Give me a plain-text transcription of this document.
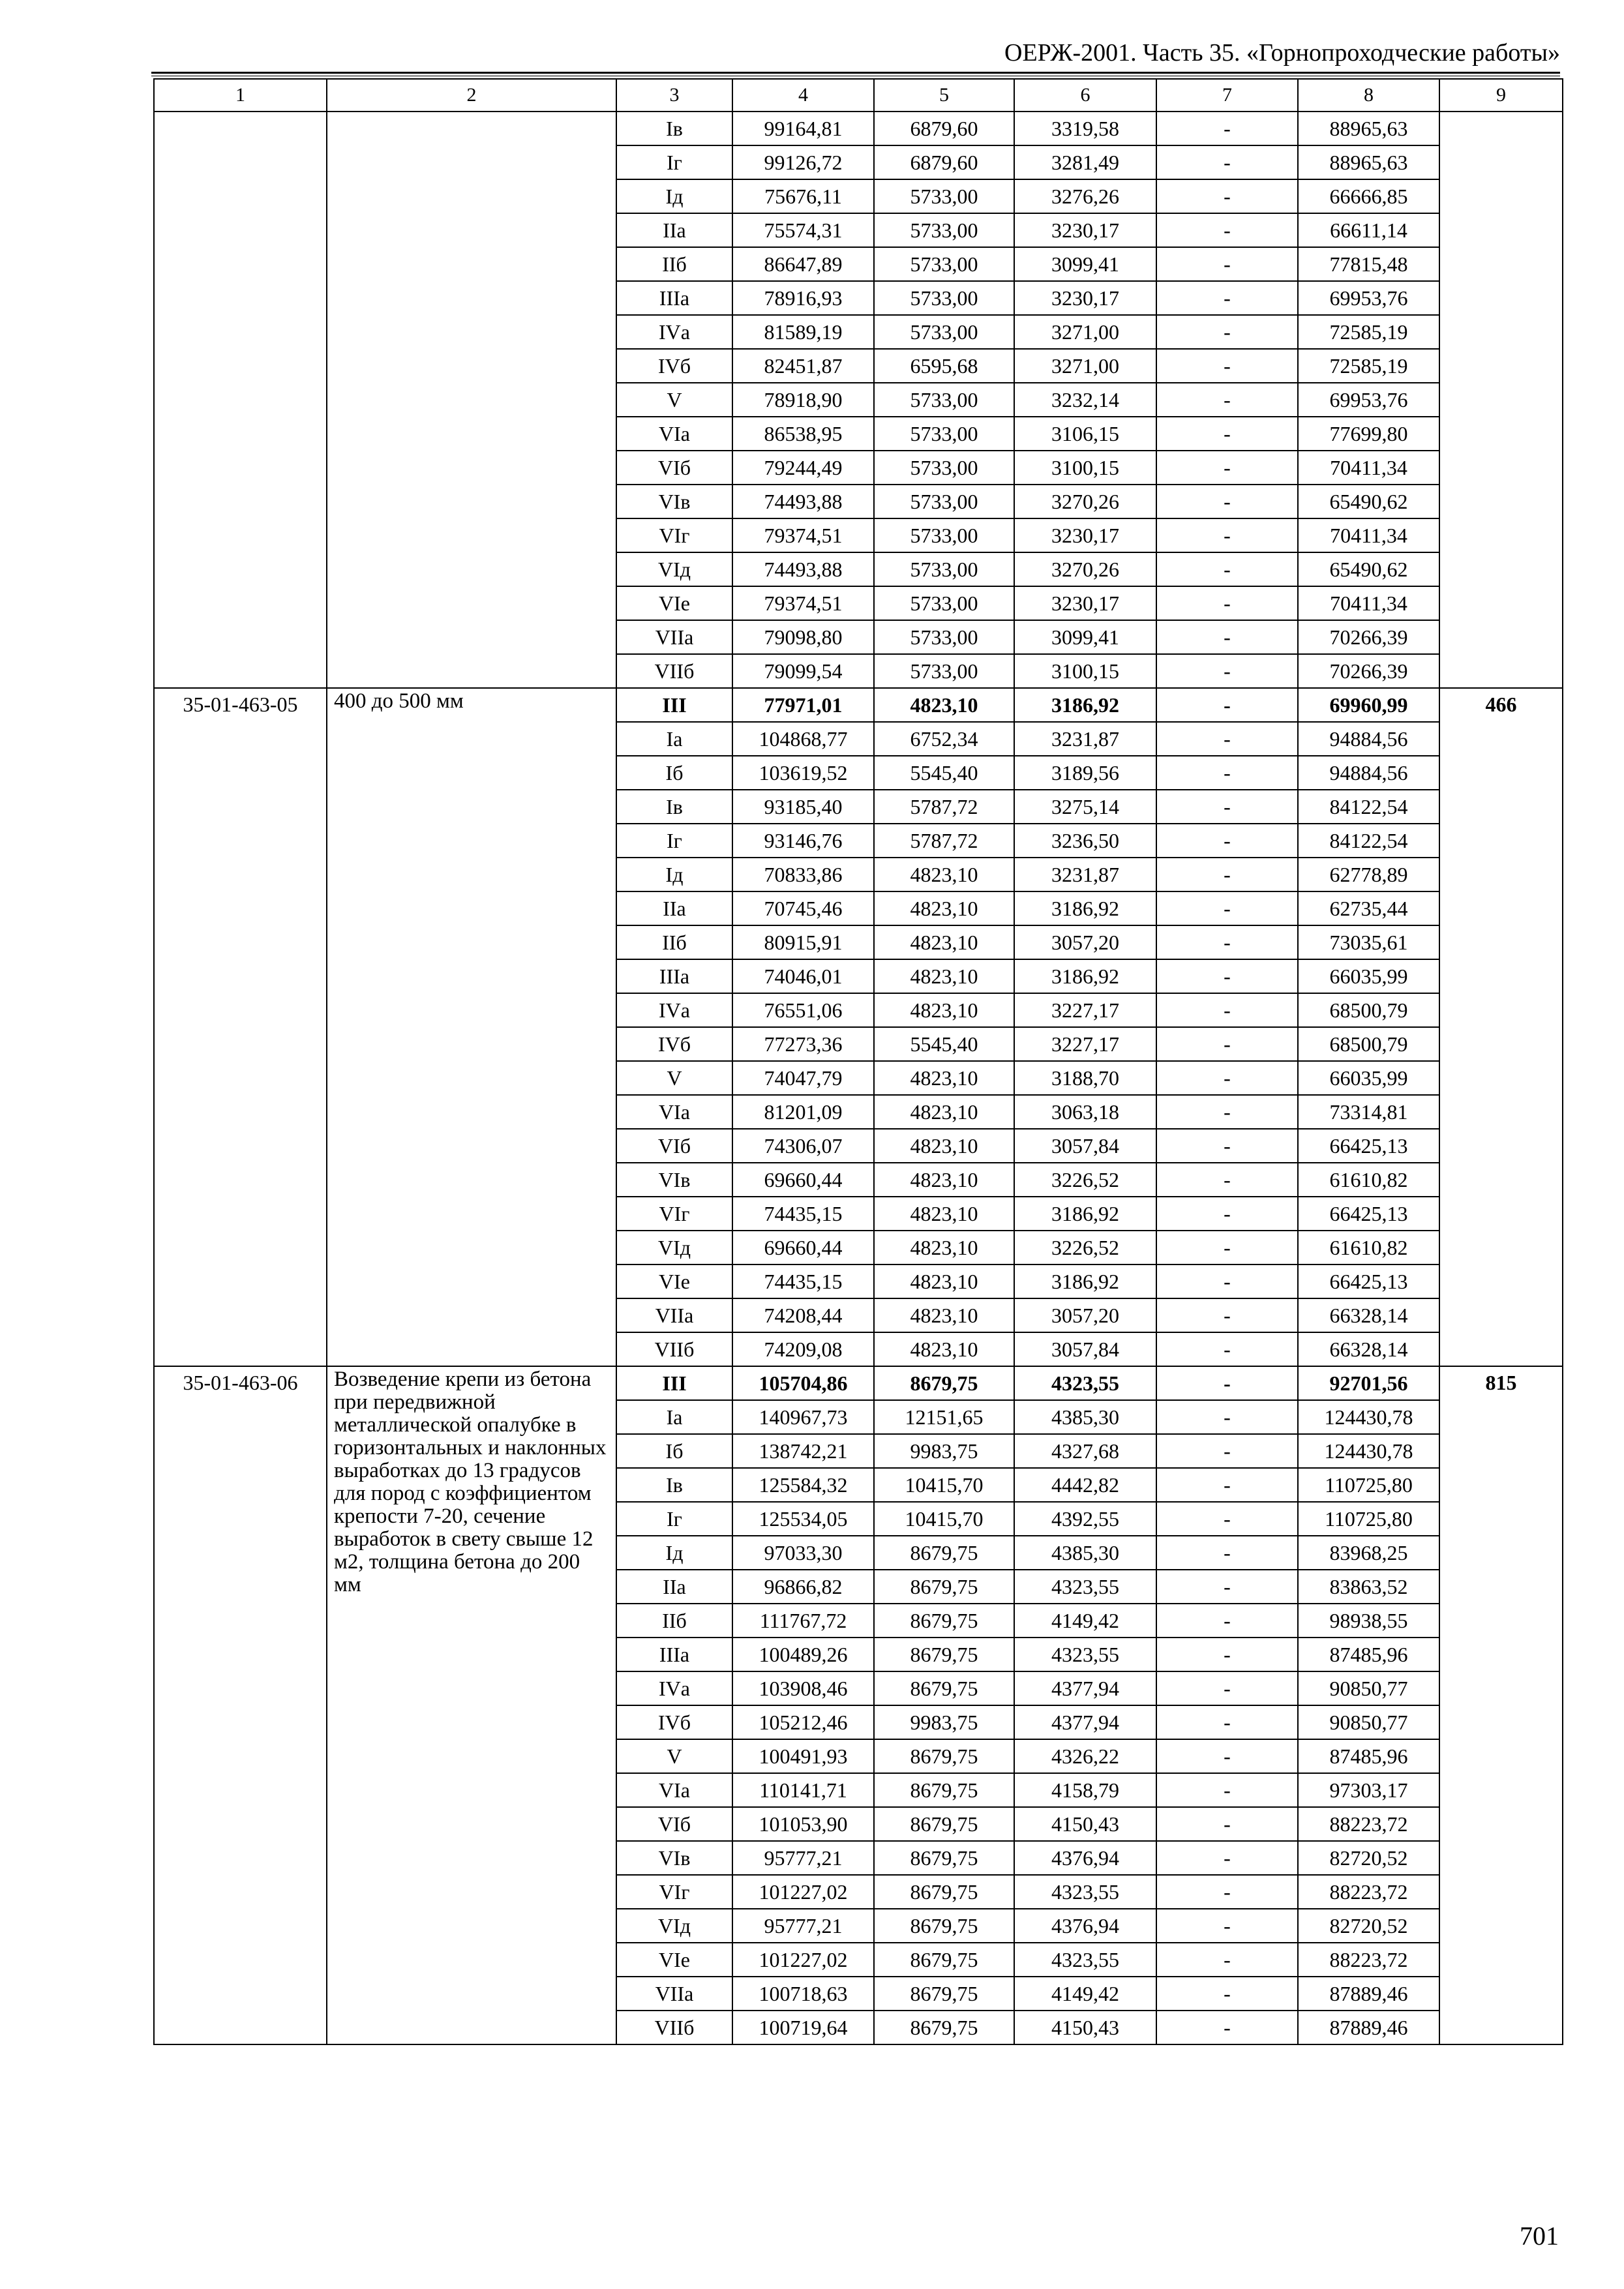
ОЕРЖ-2001. Часть 35. «Горнопроходческие работы»
1	2	3	4	5	6	7	8	9
		Iв	99164,81	6879,60	3319,58	-	88965,63	
		Iг	99126,72	6879,60	3281,49	-	88965,63	
		Iд	75676,11	5733,00	3276,26	-	66666,85	
		IIа	75574,31	5733,00	3230,17	-	66611,14	
		IIб	86647,89	5733,00	3099,41	-	77815,48	
		IIIа	78916,93	5733,00	3230,17	-	69953,76	
		IVа	81589,19	5733,00	3271,00	-	72585,19	
		IVб	82451,87	6595,68	3271,00	-	72585,19	
		V	78918,90	5733,00	3232,14	-	69953,76	
		VIа	86538,95	5733,00	3106,15	-	77699,80	
		VIб	79244,49	5733,00	3100,15	-	70411,34	
		VIв	74493,88	5733,00	3270,26	-	65490,62	
		VIг	79374,51	5733,00	3230,17	-	70411,34	
		VIд	74493,88	5733,00	3270,26	-	65490,62	
		VIе	79374,51	5733,00	3230,17	-	70411,34	
		VIIа	79098,80	5733,00	3099,41	-	70266,39	
		VIIб	79099,54	5733,00	3100,15	-	70266,39	
35-01-463-05	400 до 500 мм	III	77971,01	4823,10	3186,92	-	69960,99	466
		Iа	104868,77	6752,34	3231,87	-	94884,56	
		Iб	103619,52	5545,40	3189,56	-	94884,56	
		Iв	93185,40	5787,72	3275,14	-	84122,54	
		Iг	93146,76	5787,72	3236,50	-	84122,54	
		Iд	70833,86	4823,10	3231,87	-	62778,89	
		IIа	70745,46	4823,10	3186,92	-	62735,44	
		IIб	80915,91	4823,10	3057,20	-	73035,61	
		IIIа	74046,01	4823,10	3186,92	-	66035,99	
		IVа	76551,06	4823,10	3227,17	-	68500,79	
		IVб	77273,36	5545,40	3227,17	-	68500,79	
		V	74047,79	4823,10	3188,70	-	66035,99	
		VIа	81201,09	4823,10	3063,18	-	73314,81	
		VIб	74306,07	4823,10	3057,84	-	66425,13	
		VIв	69660,44	4823,10	3226,52	-	61610,82	
		VIг	74435,15	4823,10	3186,92	-	66425,13	
		VIд	69660,44	4823,10	3226,52	-	61610,82	
		VIе	74435,15	4823,10	3186,92	-	66425,13	
		VIIа	74208,44	4823,10	3057,20	-	66328,14	
		VIIб	74209,08	4823,10	3057,84	-	66328,14	
35-01-463-06	Возведение крепи из бетона при передвижной металлической опалубке в горизонтальных и наклонных выработках до 13 градусов для пород с коэффициентом крепости 7-20, сечение выработок в свету свыше 12 м2, толщина бетона до 200 мм	III	105704,86	8679,75	4323,55	-	92701,56	815
		Iа	140967,73	12151,65	4385,30	-	124430,78	
		Iб	138742,21	9983,75	4327,68	-	124430,78	
		Iв	125584,32	10415,70	4442,82	-	110725,80	
		Iг	125534,05	10415,70	4392,55	-	110725,80	
		Iд	97033,30	8679,75	4385,30	-	83968,25	
		IIа	96866,82	8679,75	4323,55	-	83863,52	
		IIб	111767,72	8679,75	4149,42	-	98938,55	
		IIIа	100489,26	8679,75	4323,55	-	87485,96	
		IVа	103908,46	8679,75	4377,94	-	90850,77	
		IVб	105212,46	9983,75	4377,94	-	90850,77	
		V	100491,93	8679,75	4326,22	-	87485,96	
		VIа	110141,71	8679,75	4158,79	-	97303,17	
		VIб	101053,90	8679,75	4150,43	-	88223,72	
		VIв	95777,21	8679,75	4376,94	-	82720,52	
		VIг	101227,02	8679,75	4323,55	-	88223,72	
		VIд	95777,21	8679,75	4376,94	-	82720,52	
		VIе	101227,02	8679,75	4323,55	-	88223,72	
		VIIа	100718,63	8679,75	4149,42	-	87889,46	
		VIIб	100719,64	8679,75	4150,43	-	87889,46	
701
